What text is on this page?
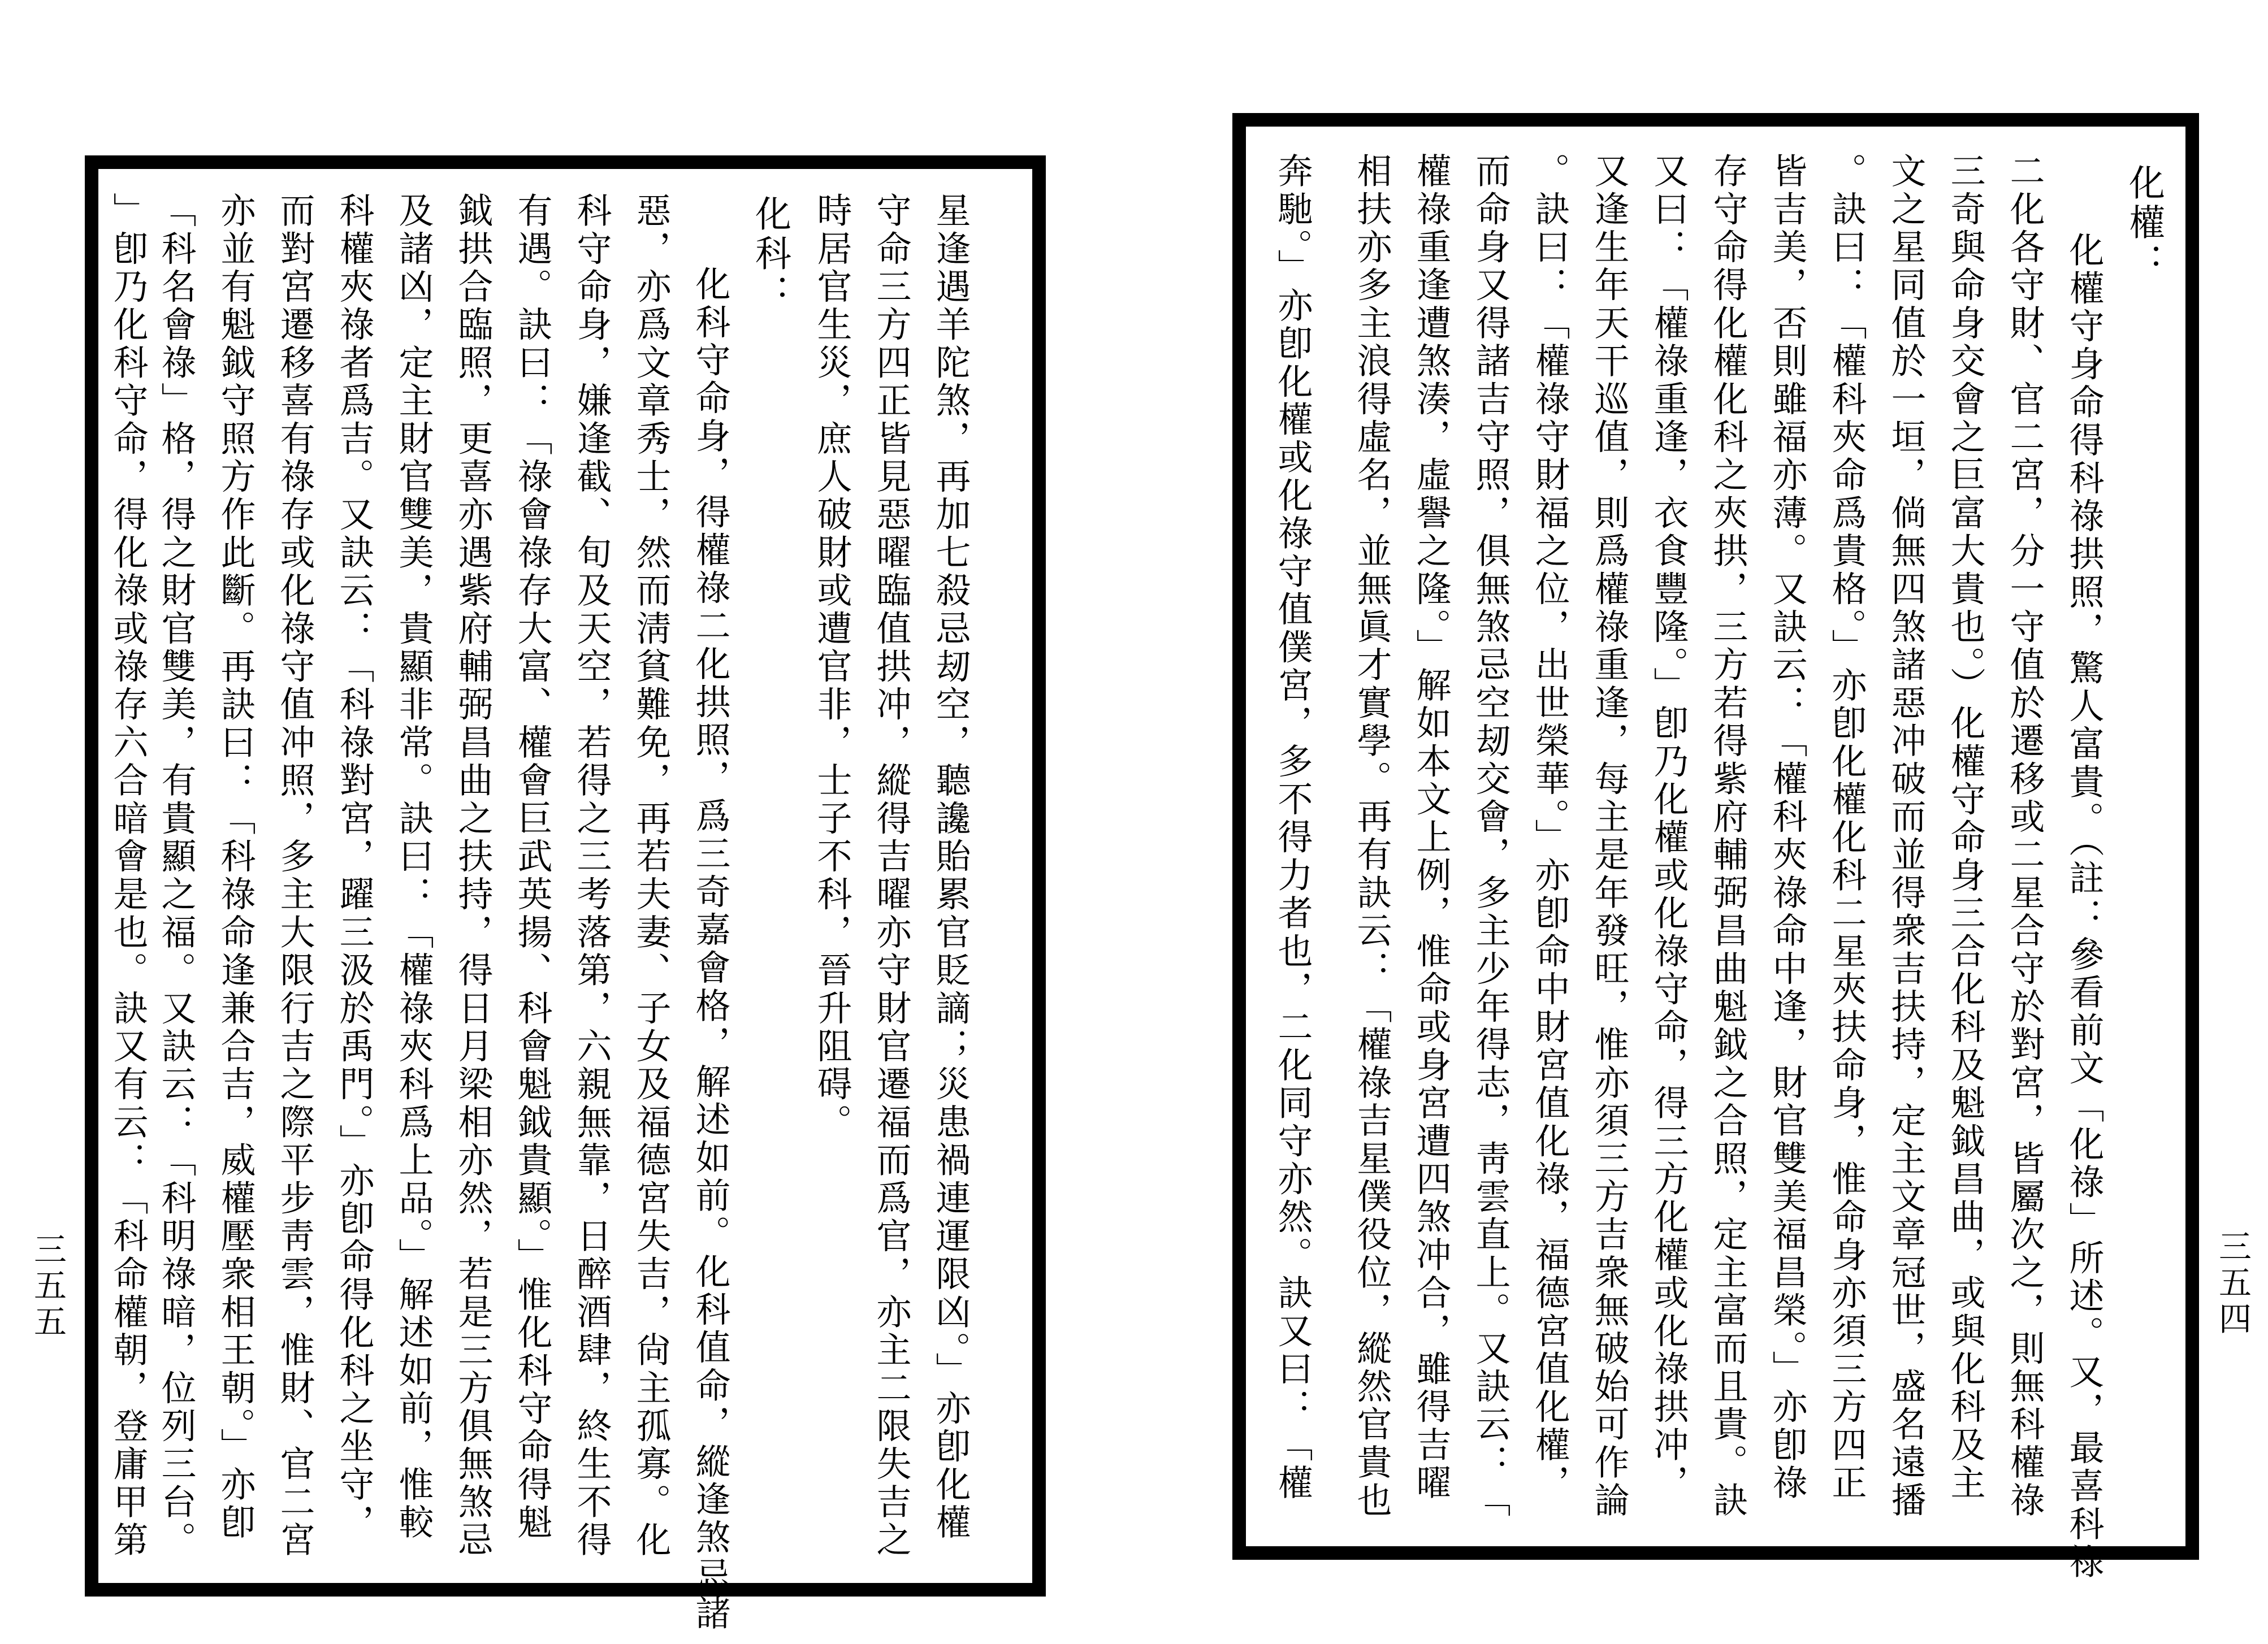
星逢遇羊陀煞，再加七殺忌刼空，聽讒貽累官貶謫；災患禍連運限凶。」亦卽化權
守命三方四正皆見惡曜臨值拱冲，縱得吉曜亦守財官遷福而爲官，亦主二限失吉之
時居官生災，庶人破財或遭官非，士子不科，晉升阻碍。
化科：
化科守命身，得權祿二化拱照，爲三奇嘉會格，解述如前。化科值命，縱逢煞忌諸
惡，亦爲文章秀士，然而淸貧難免，再若夫妻、子女及福德宮失吉，尙主孤寡。化
科守命身，嫌逢截、旬及天空，若得之三考落第，六親無靠，日醉酒肆，終生不得
有遇。訣曰：「祿會祿存大富、權會巨武英揚、科會魁鉞貴顯。」惟化科守命得魁
鉞拱合臨照，更喜亦遇紫府輔弼昌曲之扶持，得日月梁相亦然，若是三方俱無煞忌
及諸凶，定主財官雙美，貴顯非常。訣曰：「權祿夾科爲上品。」解述如前，惟較
科權夾祿者爲吉。又訣云：「科祿對宮，躍三汲於禹門。」亦卽命得化科之坐守，
而對宮遷移喜有祿存或化祿守值冲照，多主大限行吉之際平步靑雲，惟財、官二宮
亦並有魁鉞守照方作此斷。再訣曰：「科祿命逢兼合吉，威權壓衆相王朝。」亦卽
「科名會祿」格，得之財官雙美，有貴顯之福。又訣云：「科明祿暗，位列三台。
」卽乃化科守命，得化祿或祿存六合暗會是也。訣又有云：「科命權朝，登庸甲第
三五五
化權：
化權守身命得科祿拱照，驚人富貴。（註：參看前文「化祿」所述。又，最喜科祿
二化各守財、官二宮，分一守值於遷移或二星合守於對宮，皆屬次之，則無科權祿
三奇與命身交會之巨富大貴也。）化權守命身三合化科及魁鉞昌曲，或與化科及主
文之星同值於一垣，倘無四煞諸惡冲破而並得衆吉扶持，定主文章冠世，盛名遠播
。訣曰：「權科夾命爲貴格。」亦卽化權化科二星夾扶命身，惟命身亦須三方四正
皆吉美，否則雖福亦薄。又訣云：「權科夾祿命中逢，財官雙美福昌榮。」亦卽祿
存守命得化權化科之夾拱，三方若得紫府輔弼昌曲魁鉞之合照，定主富而且貴。訣
又曰：「權祿重逢，衣食豐隆。」卽乃化權或化祿守命，得三方化權或化祿拱冲，
又逢生年天干巡值，則爲權祿重逢，每主是年發旺，惟亦須三方吉衆無破始可作論
。訣曰：「權祿守財福之位，出世榮華。」亦卽命中財宮值化祿，福德宮值化權，
而命身又得諸吉守照，俱無煞忌空刼交會，多主少年得志，靑雲直上。又訣云：「
權祿重逢遭煞湊，虛譽之隆。」解如本文上例，惟命或身宮遭四煞冲合，雖得吉曜
相扶亦多主浪得虛名，並無眞才實學。再有訣云：「權祿吉星僕役位，縱然官貴也
奔馳。」亦卽化權或化祿守值僕宮，多不得力者也，二化同守亦然。訣又曰：「權	三五四
